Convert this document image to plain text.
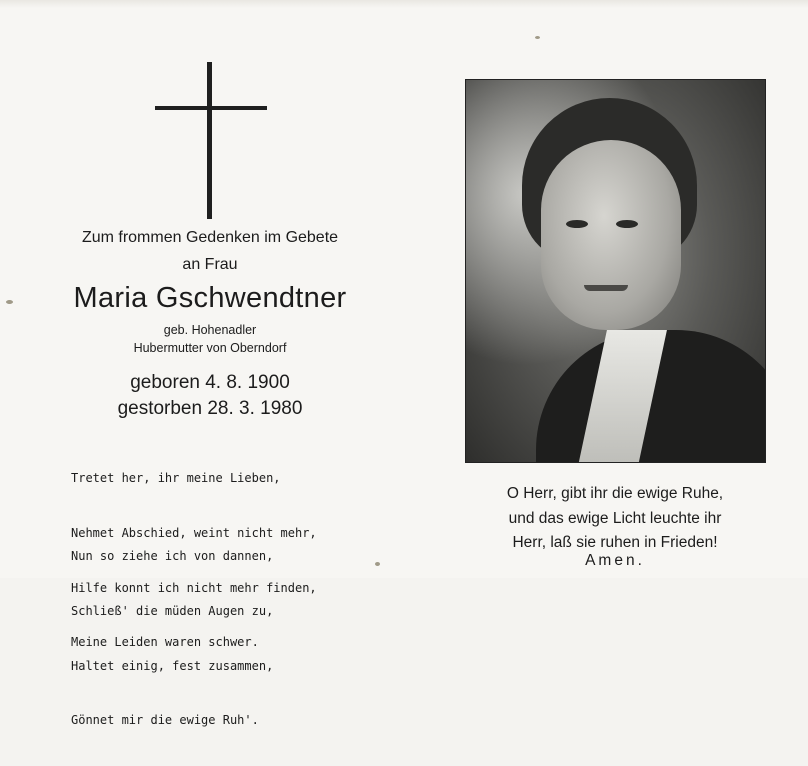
Zum frommen Gedenken im Gebete
an Frau
Maria Gschwendtner
geb. Hohenadler
Hubermutter von Oberndorf
geboren 4. 8. 1900
gestorben 28. 3. 1980

Tretet her, ihr meine Lieben,

Nehmet Abschied, weint nicht mehr,

Hilfe konnt ich nicht mehr finden,

Meine Leiden waren schwer.

Nun so ziehe ich von dannen,

Schließ' die müden Augen zu,

Haltet einig, fest zusammen,

Gönnet mir die ewige Ruh'.

O Herr, gibt ihr die ewige Ruhe,
und das ewige Licht leuchte ihr
Herr, laß sie ruhen in Frieden!
Amen.
